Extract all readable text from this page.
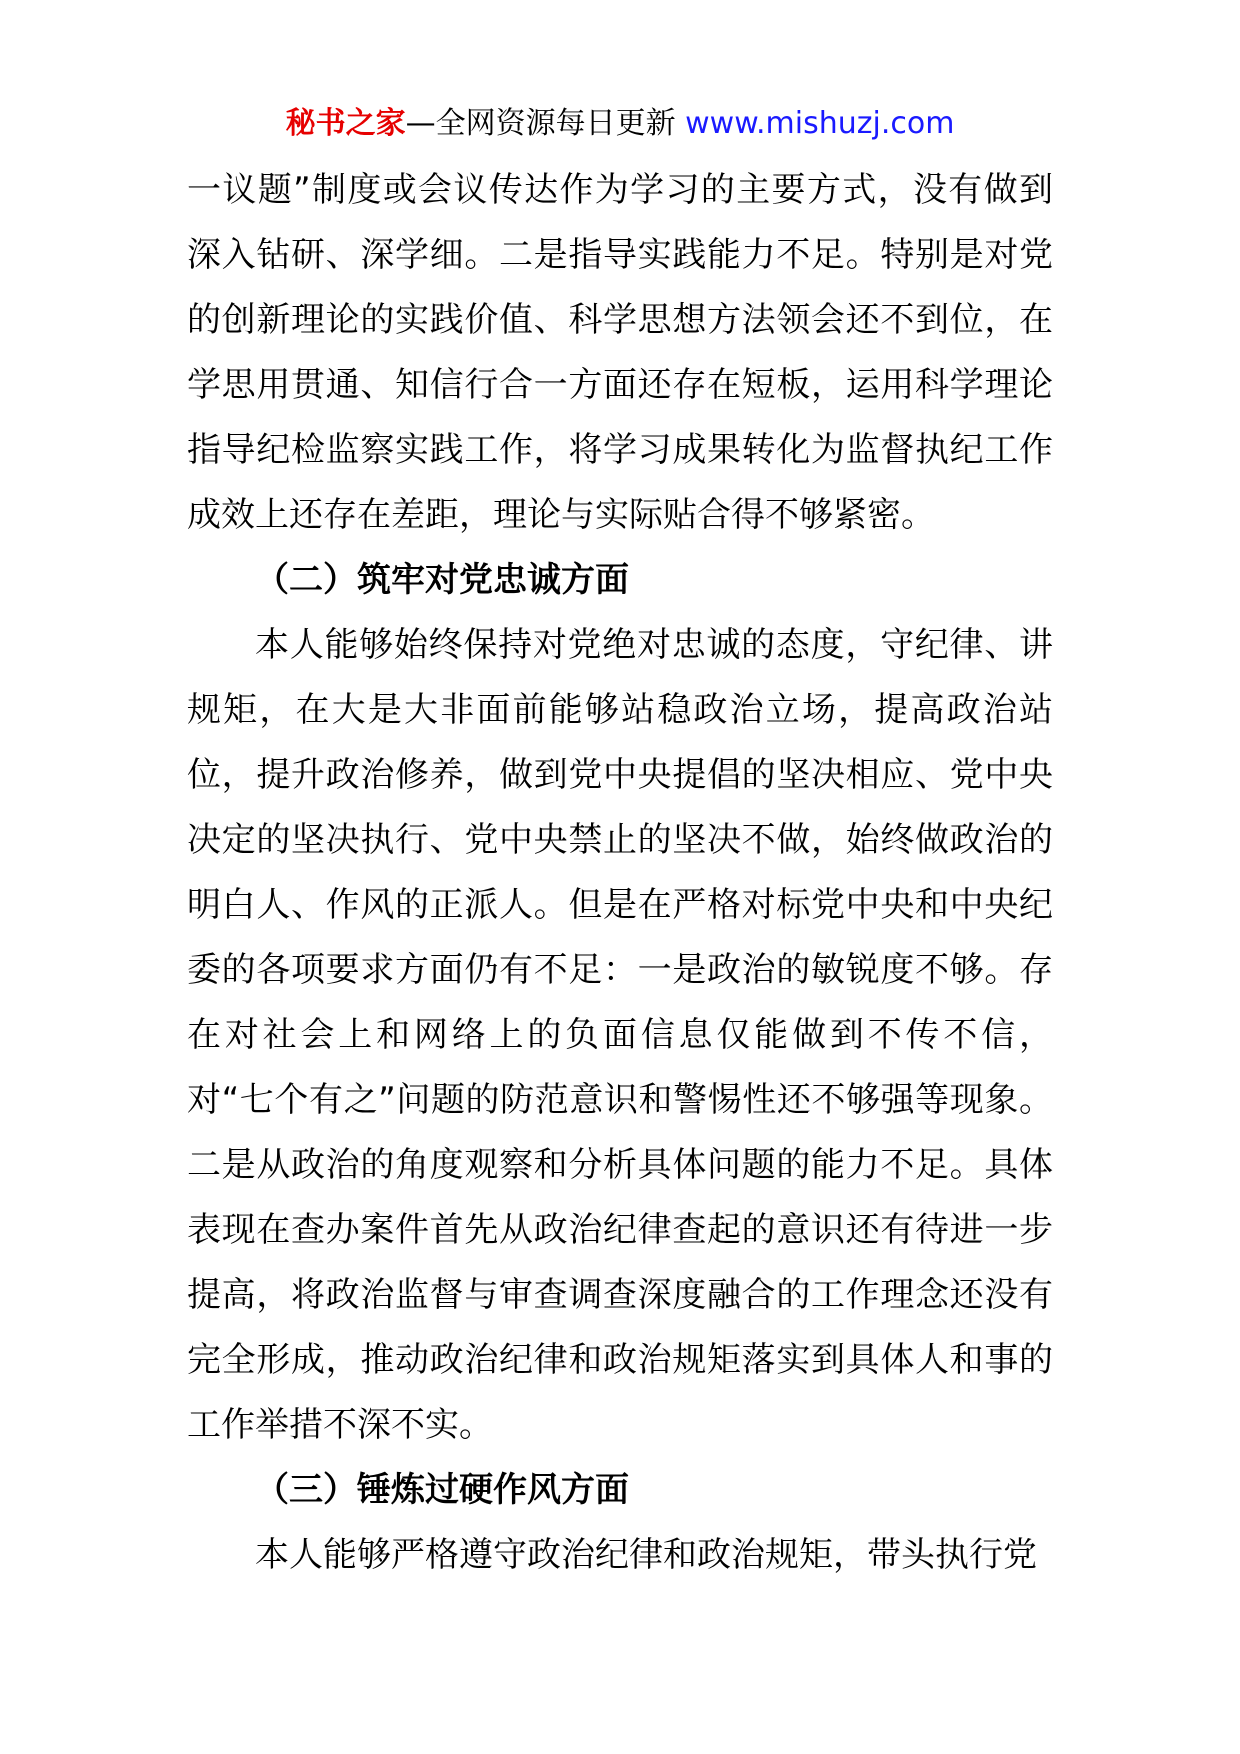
秘书之家—全网资源每日更新 www.mishuzj.com

一议题”制度或会议传达作为学习的主要方式，没有做到深入钻研、深学细。二是指导实践能力不足。特别是对党的创新理论的实践价值、科学思想方法领会还不到位，在学思用贯通、知信行合一方面还存在短板，运用科学理论指导纪检监察实践工作，将学习成果转化为监督执纪工作成效上还存在差距，理论与实际贴合得不够紧密。

（二）筑牢对党忠诚方面

本人能够始终保持对党绝对忠诚的态度，守纪律、讲规矩，在大是大非面前能够站稳政治立场，提高政治站位，提升政治修养，做到党中央提倡的坚决相应、党中央决定的坚决执行、党中央禁止的坚决不做，始终做政治的明白人、作风的正派人。但是在严格对标党中央和中央纪委的各项要求方面仍有不足：一是政治的敏锐度不够。存在对社会上和网络上的负面信息仅能做到不传不信，对“七个有之”问题的防范意识和警惕性还不够强等现象。二是从政治的角度观察和分析具体问题的能力不足。具体表现在查办案件首先从政治纪律查起的意识还有待进一步提高，将政治监督与审查调查深度融合的工作理念还没有完全形成，推动政治纪律和政治规矩落实到具体人和事的工作举措不深不实。

（三）锤炼过硬作风方面

本人能够严格遵守政治纪律和政治规矩，带头执行党
